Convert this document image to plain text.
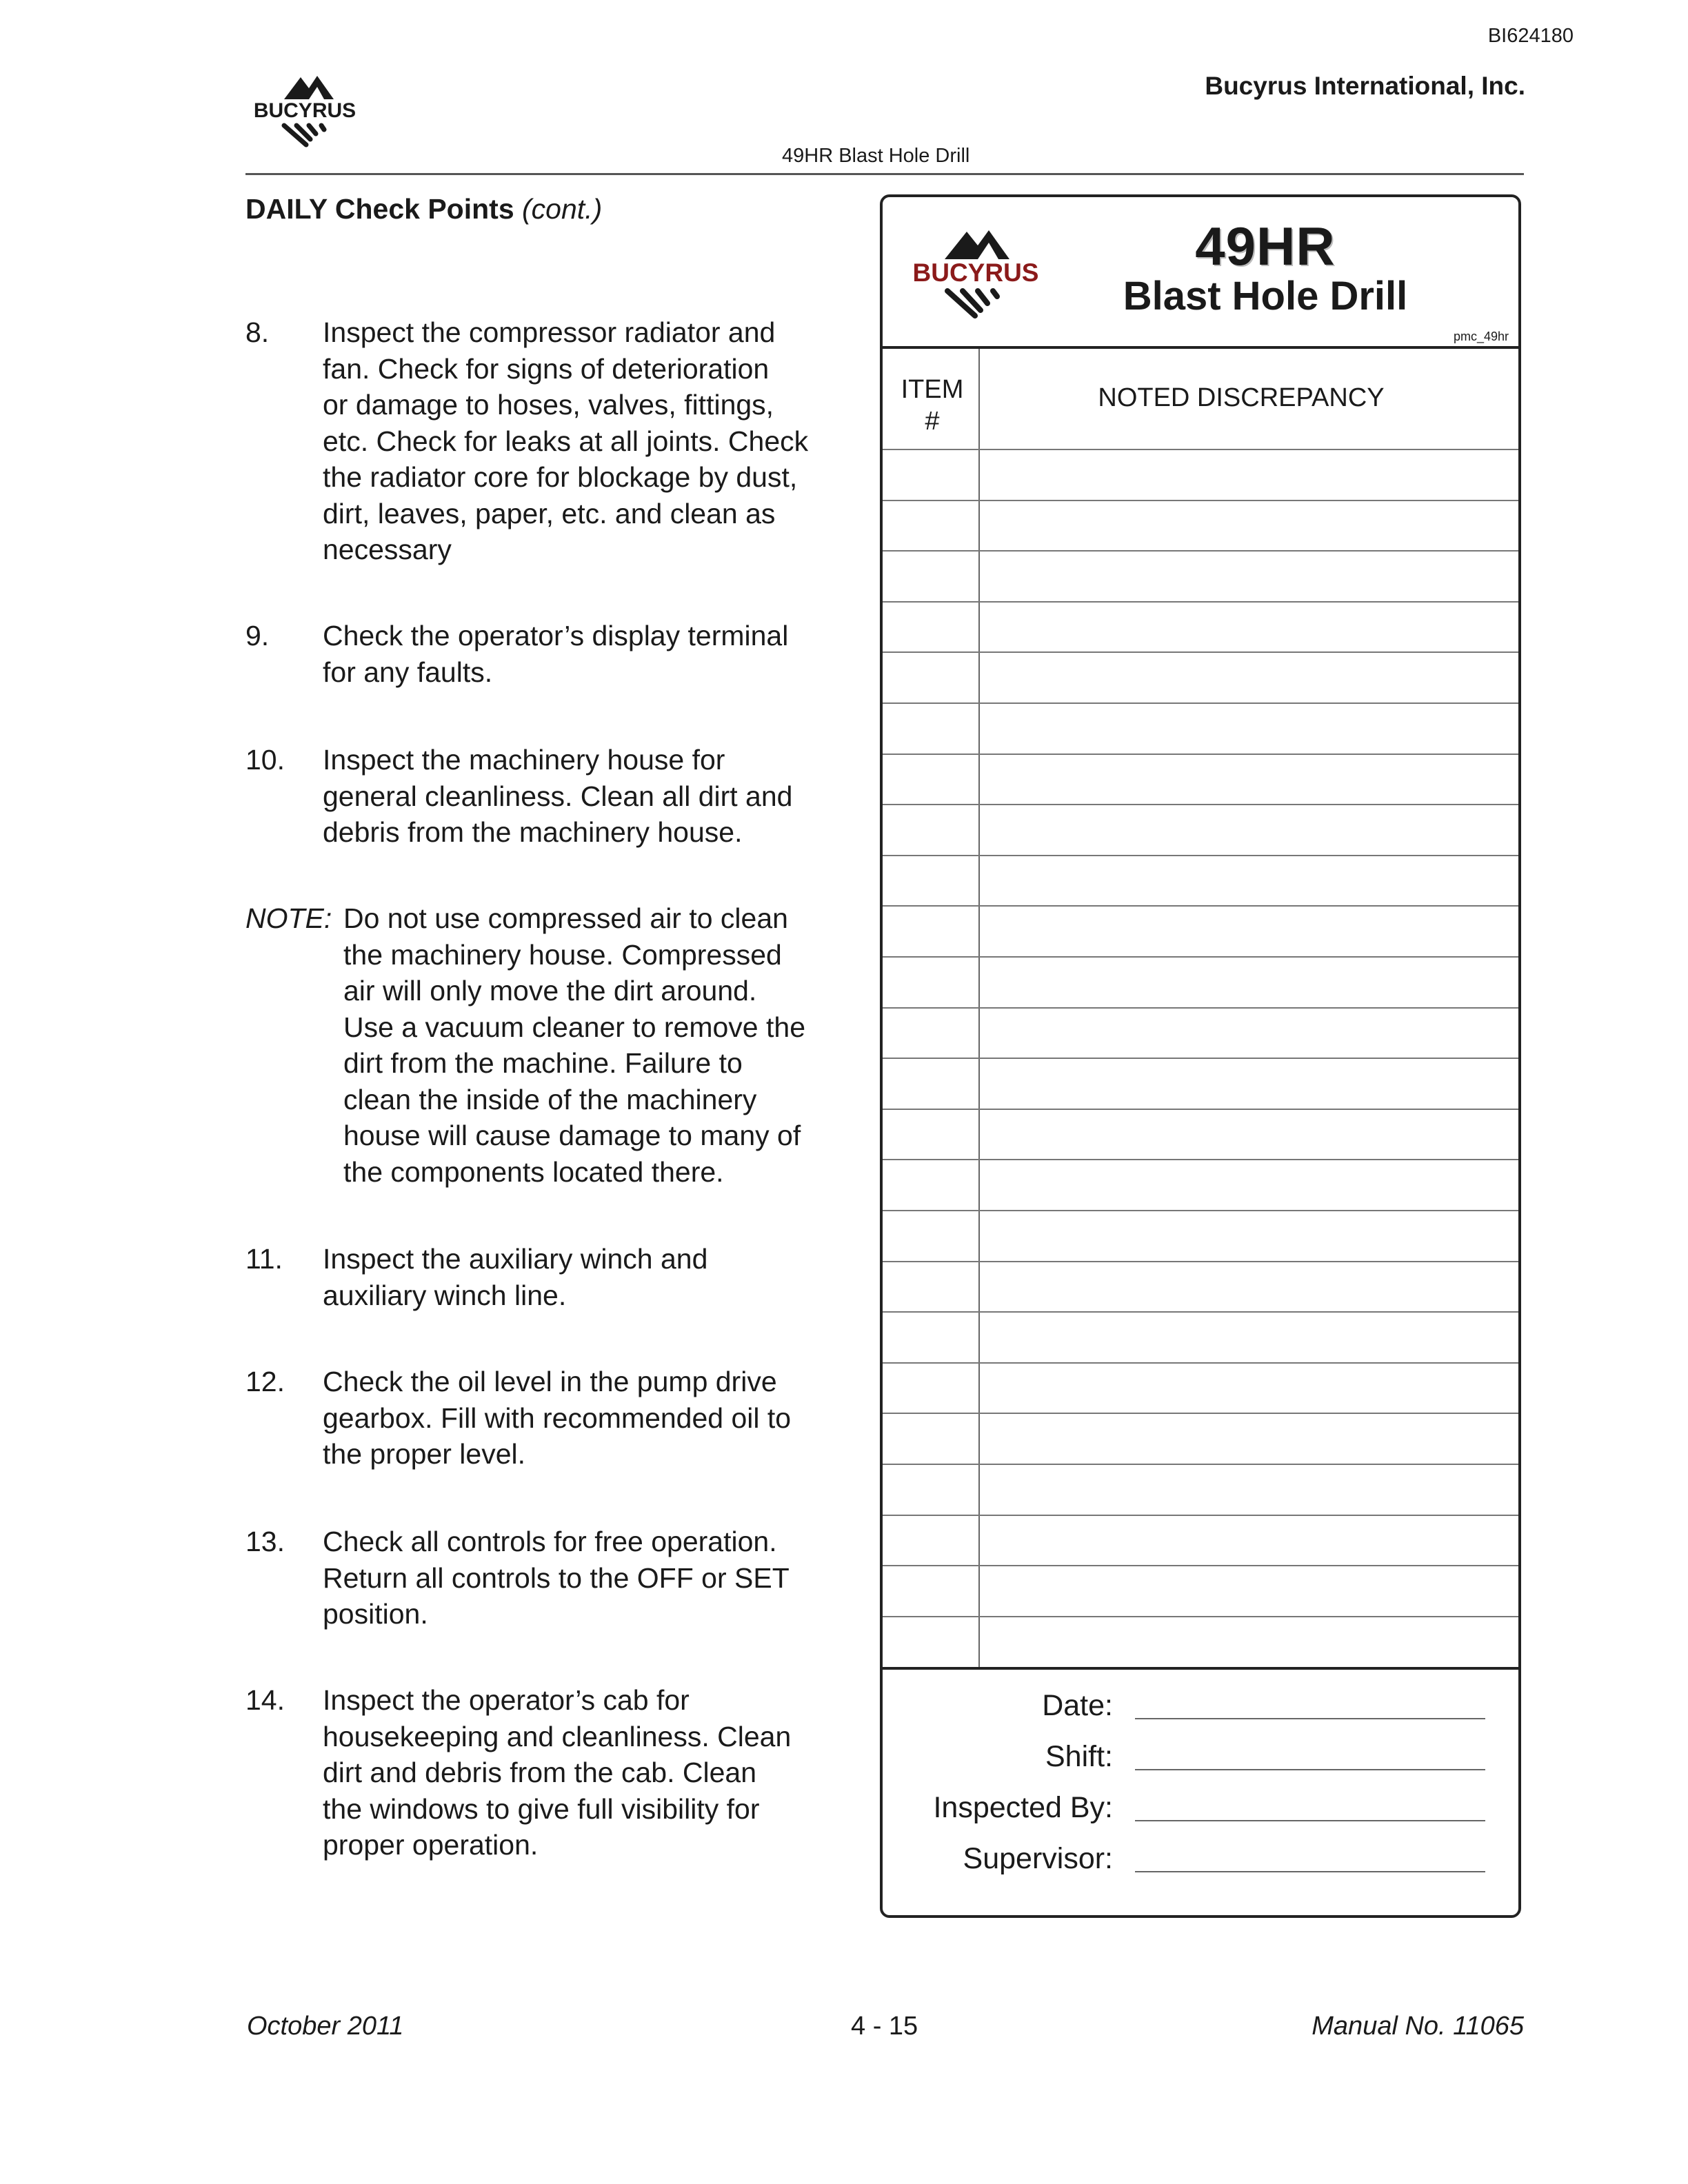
BI624180
Bucyrus International, Inc.
BUCYRUS
49HR Blast Hole Drill
DAILY Check Points (cont.)
8. Inspect the compressor radiator and
fan. Check for signs of deterioration
or damage to hoses, valves, fittings,
etc. Check for leaks at all joints. Check
the radiator core for blockage by dust,
dirt, leaves, paper, etc. and clean as
necessary
9. Check the operator’s display terminal
for any faults.
10. Inspect the machinery house for
general cleanliness. Clean all dirt and
debris from the machinery house.
NOTE: Do not use compressed air to clean
the machinery house. Compressed
air will only move the dirt around.
Use a vacuum cleaner to remove the
dirt from the machine. Failure to
clean the inside of the machinery
house will cause damage to many of
the components located there.
11. Inspect the auxiliary winch and
auxiliary winch line.
12. Check the oil level in the pump drive
gearbox. Fill with recommended oil to
the proper level.
13. Check all controls for free operation.
Return all controls to the OFF or SET
position.
14. Inspect the operator’s cab for
housekeeping and cleanliness. Clean
dirt and debris from the cab. Clean
the windows to give full visibility for
proper operation.
BUCYRUS	49HR
Blast Hole Drill
pmc_49hr
ITEM
#
NOTED DISCREPANCY
Date:
Shift:
Inspected By:
Supervisor:
October 2011	4 - 15	Manual No. 11065
